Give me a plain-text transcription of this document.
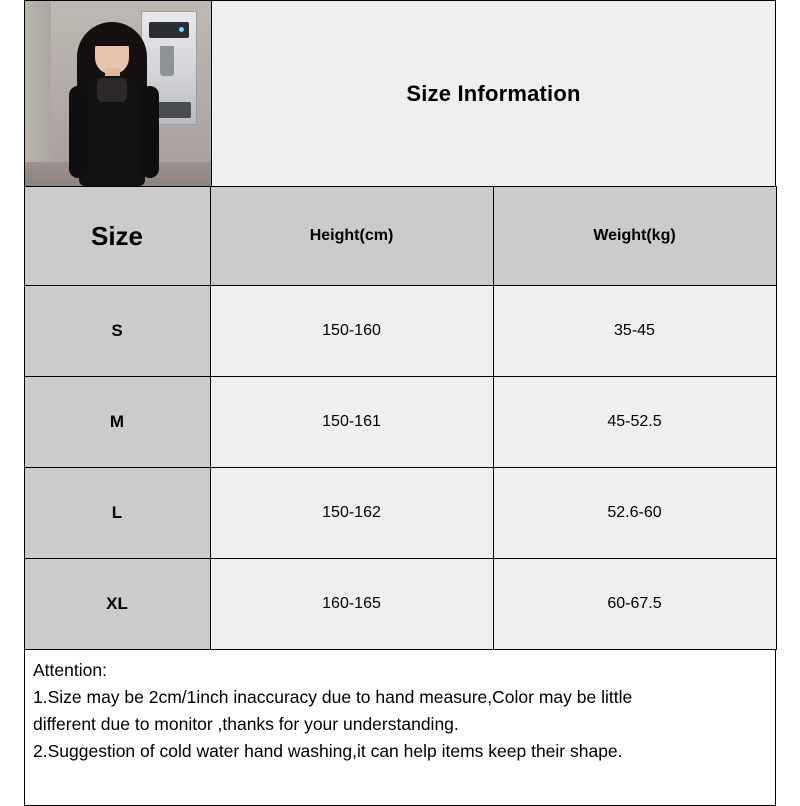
Size Information
Size	Height(cm)	Weight(kg)
S	150-160	35-45
M	150-161	45-52.5
L	150-162	52.6-60
XL	160-165	60-67.5
Attention:
1.Size may be 2cm/1inch inaccuracy due to hand measure,Color may be little
different due to monitor ,thanks for your understanding.
2.Suggestion of cold water hand washing,it can help items keep their shape.
